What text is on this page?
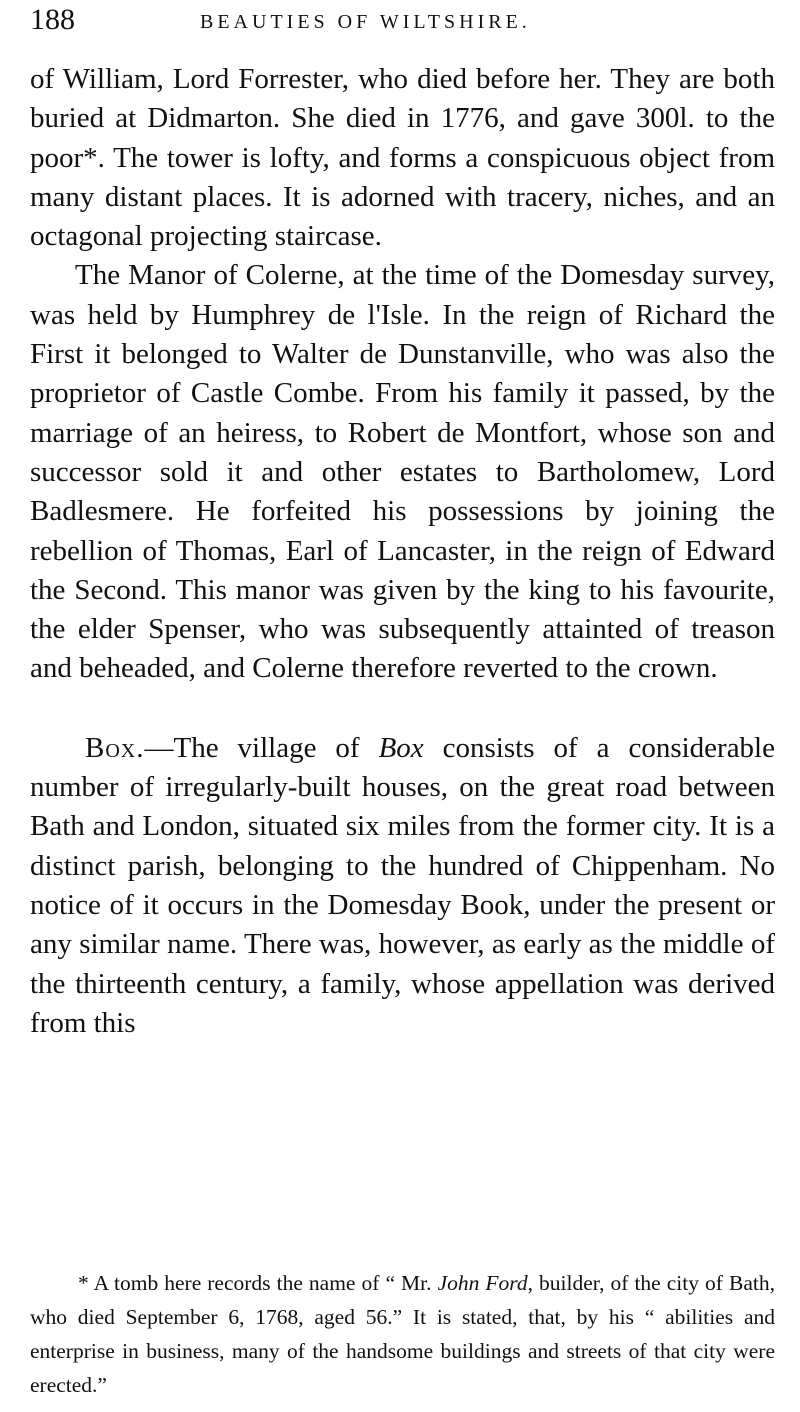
188	BEAUTIES OF WILTSHIRE.

of William, Lord Forrester, who died before her. They are both buried at Didmarton. She died in 1776, and gave 300l. to the poor*. The tower is lofty, and forms a conspicuous object from many distant places. It is adorned with tracery, niches, and an octagonal projecting staircase.

The Manor of Colerne, at the time of the Domesday survey, was held by Humphrey de l'Isle. In the reign of Richard the First it belonged to Walter de Dunstanville, who was also the proprietor of Castle Combe. From his family it passed, by the marriage of an heiress, to Robert de Montfort, whose son and successor sold it and other estates to Bartholomew, Lord Badlesmere. He forfeited his possessions by joining the rebellion of Thomas, Earl of Lancaster, in the reign of Edward the Second. This manor was given by the king to his favourite, the elder Spenser, who was subsequently attainted of treason and beheaded, and Colerne therefore reverted to the crown.

Box.—The village of Box consists of a considerable number of irregularly-built houses, on the great road between Bath and London, situated six miles from the former city. It is a distinct parish, belonging to the hundred of Chippenham. No notice of it occurs in the Domesday Book, under the present or any similar name. There was, however, as early as the middle of the thirteenth century, a family, whose appellation was derived from this

* A tomb here records the name of “ Mr. John Ford, builder, of the city of Bath, who died September 6, 1768, aged 56.” It is stated, that, by his “ abilities and enterprise in business, many of the handsome buildings and streets of that city were erected.”
